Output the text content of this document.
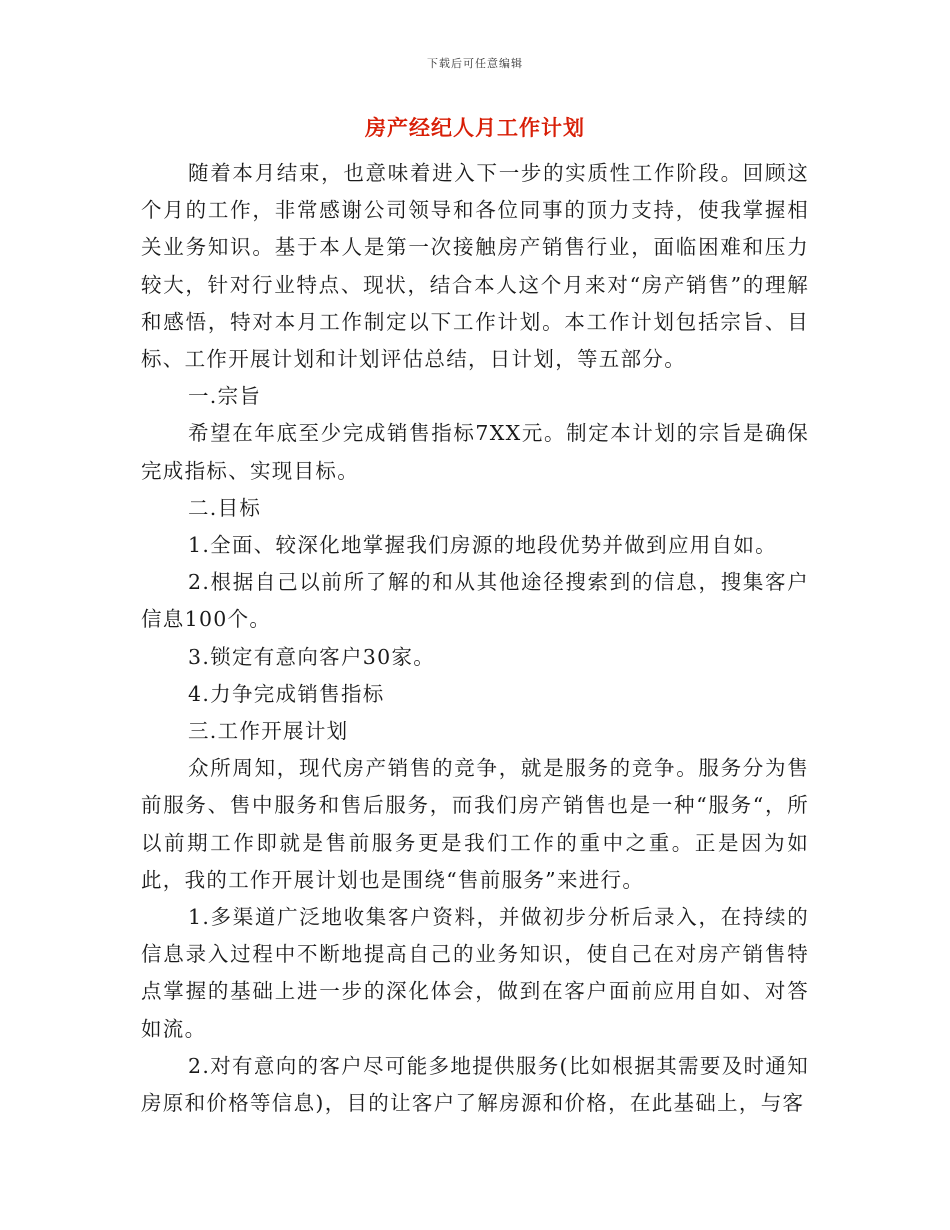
下载后可任意编辑
房产经纪人月工作计划

随着本月结束，也意味着进入下一步的实质性工作阶段。回顾这个月的工作，非常感谢公司领导和各位同事的顶力支持，使我掌握相关业务知识。基于本人是第一次接触房产销售行业，面临困难和压力较大，针对行业特点、现状，结合本人这个月来对“房产销售”的理解和感悟，特对本月工作制定以下工作计划。本工作计划包括宗旨、目标、工作开展计划和计划评估总结，日计划，等五部分。

一.宗旨

希望在年底至少完成销售指标7XX元。制定本计划的宗旨是确保完成指标、实现目标。

二.目标

1.全面、较深化地掌握我们房源的地段优势并做到应用自如。

2.根据自己以前所了解的和从其他途径搜索到的信息，搜集客户信息100个。

3.锁定有意向客户30家。

4.力争完成销售指标

三.工作开展计划

众所周知，现代房产销售的竞争，就是服务的竞争。服务分为售前服务、售中服务和售后服务，而我们房产销售也是一种“服务“，所以前期工作即就是售前服务更是我们工作的重中之重。正是因为如此，我的工作开展计划也是围绕“售前服务”来进行。

1.多渠道广泛地收集客户资料，并做初步分析后录入，在持续的信息录入过程中不断地提高自己的业务知识，使自己在对房产销售特点掌握的基础上进一步的深化体会，做到在客户面前应用自如、对答如流。

2.对有意向的客户尽可能多地提供服务(比如根据其需要及时通知房原和价格等信息)，目的让客户了解房源和价格，在此基础上，与客
